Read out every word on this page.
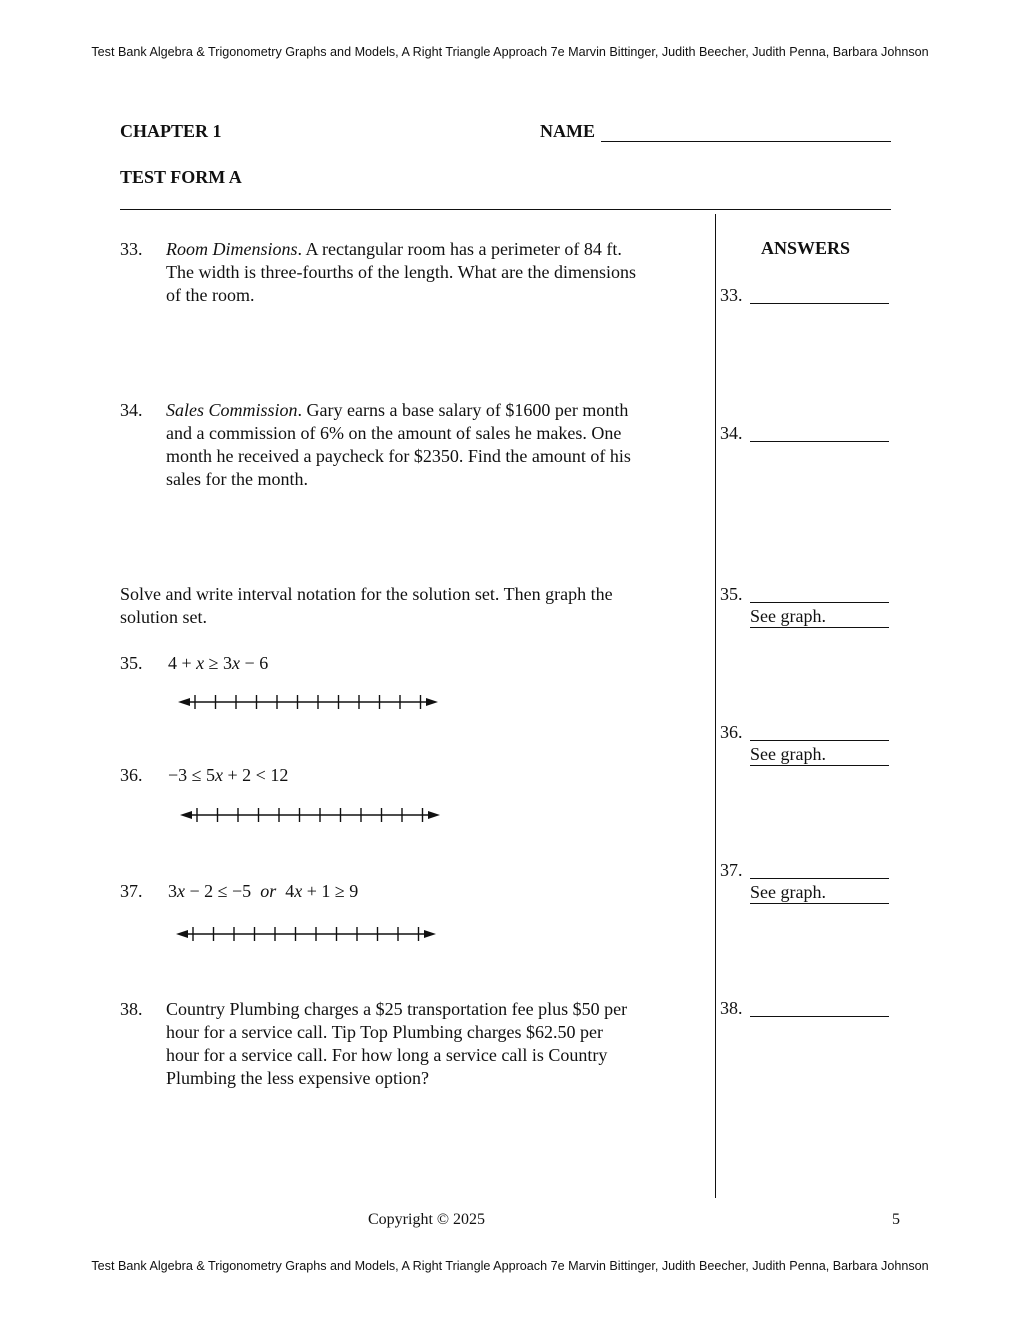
Test Bank Algebra & Trigonometry Graphs and Models, A Right Triangle Approach 7e Marvin Bittinger, Judith Beecher, Judith Penna, Barbara Johnson
CHAPTER 1	NAME
TEST FORM A
ANSWERS
33. Room Dimensions. A rectangular room has a perimeter of 84 ft.
The width is three-fourths of the length. What are the dimensions
of the room.	33.
34. Sales Commission. Gary earns a base salary of $1600 per month
and a commission of 6% on the amount of sales he makes. One
month he received a paycheck for $2350. Find the amount of his
sales for the month.
34.
Solve and write interval notation for the solution set. Then graph the
solution set.
35. 4 + x ≥ 3x − 6
35.
See graph.
36. −3 ≤ 5x + 2 < 12
36.
See graph.
37. 3x − 2 ≤ −5  or  4x + 1 ≥ 9
37.
See graph.
38. Country Plumbing charges a $25 transportation fee plus $50 per
hour for a service call. Tip Top Plumbing charges $62.50 per
hour for a service call. For how long a service call is Country
Plumbing the less expensive option?
38.
Copyright © 2025	5
Test Bank Algebra & Trigonometry Graphs and Models, A Right Triangle Approach 7e Marvin Bittinger, Judith Beecher, Judith Penna, Barbara Johnson
